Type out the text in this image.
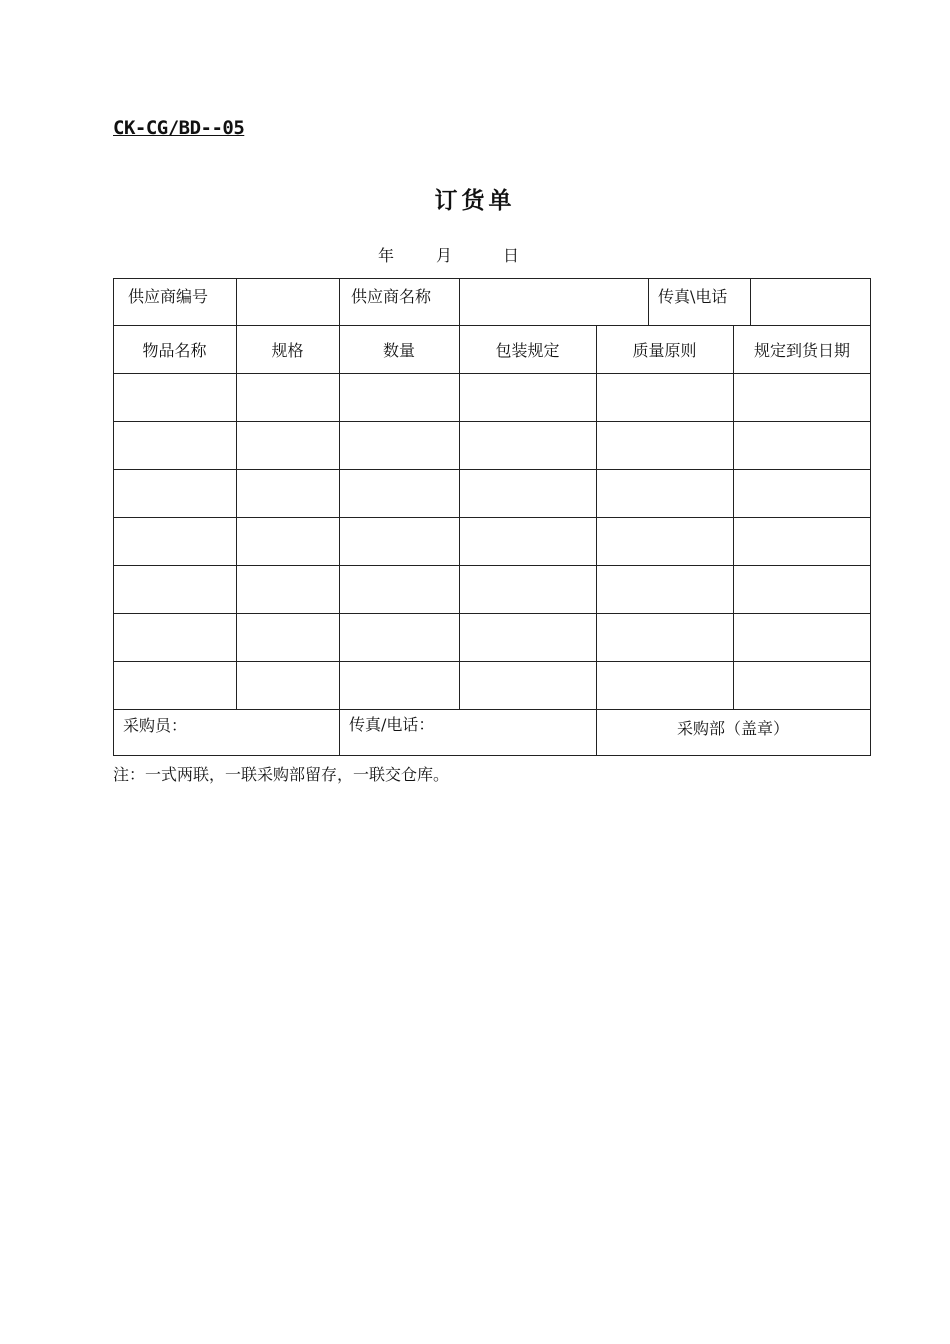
CK-CG/BD--05
订货单
年	月	日
供应商编号	供应商名称	传真\电话
物品名称	规格	数量	包装规定	质量原则	规定到货日期
采购员：	传真/电话：	采购部（盖章）
注：一式两联，一联采购部留存，一联交仓库。
